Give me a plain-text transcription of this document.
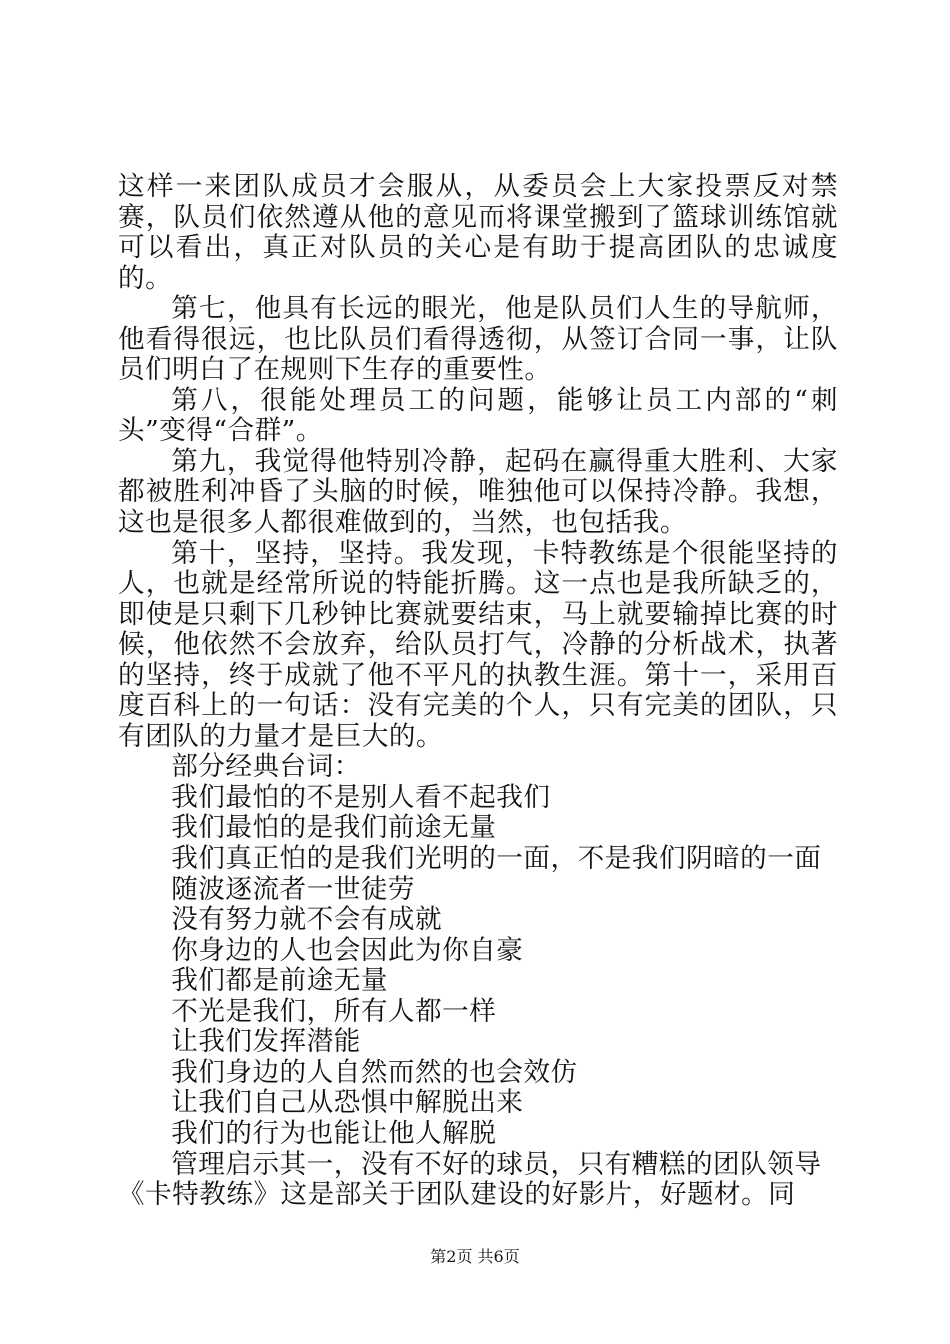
这样一来团队成员才会服从，从委员会上大家投票反对禁赛，队员们依然遵从他的意见而将课堂搬到了篮球训练馆就可以看出，真正对队员的关心是有助于提高团队的忠诚度的。

第七，他具有长远的眼光，他是队员们人生的导航师，他看得很远，也比队员们看得透彻，从签订合同一事，让队员们明白了在规则下生存的重要性。

第八，很能处理员工的问题，能够让员工内部的“刺头”变得“合群”。

第九，我觉得他特别冷静，起码在赢得重大胜利、大家都被胜利冲昏了头脑的时候，唯独他可以保持冷静。我想，这也是很多人都很难做到的，当然，也包括我。

第十，坚持，坚持。我发现，卡特教练是个很能坚持的人，也就是经常所说的特能折腾。这一点也是我所缺乏的，即使是只剩下几秒钟比赛就要结束，马上就要输掉比赛的时候，他依然不会放弃，给队员打气，冷静的分析战术，执著的坚持，终于成就了他不平凡的执教生涯。第十一，采用百度百科上的一句话：没有完美的个人，只有完美的团队，只有团队的力量才是巨大的。

部分经典台词：

我们最怕的不是别人看不起我们

我们最怕的是我们前途无量

我们真正怕的是我们光明的一面，不是我们阴暗的一面

随波逐流者一世徒劳

没有努力就不会有成就

你身边的人也会因此为你自豪

我们都是前途无量

不光是我们，所有人都一样

让我们发挥潜能

我们身边的人自然而然的也会效仿

让我们自己从恐惧中解脱出来

我们的行为也能让他人解脱

管理启示其一，没有不好的球员，只有糟糕的团队领导

《卡特教练》这是部关于团队建设的好影片，好题材。同

第2页 共6页
